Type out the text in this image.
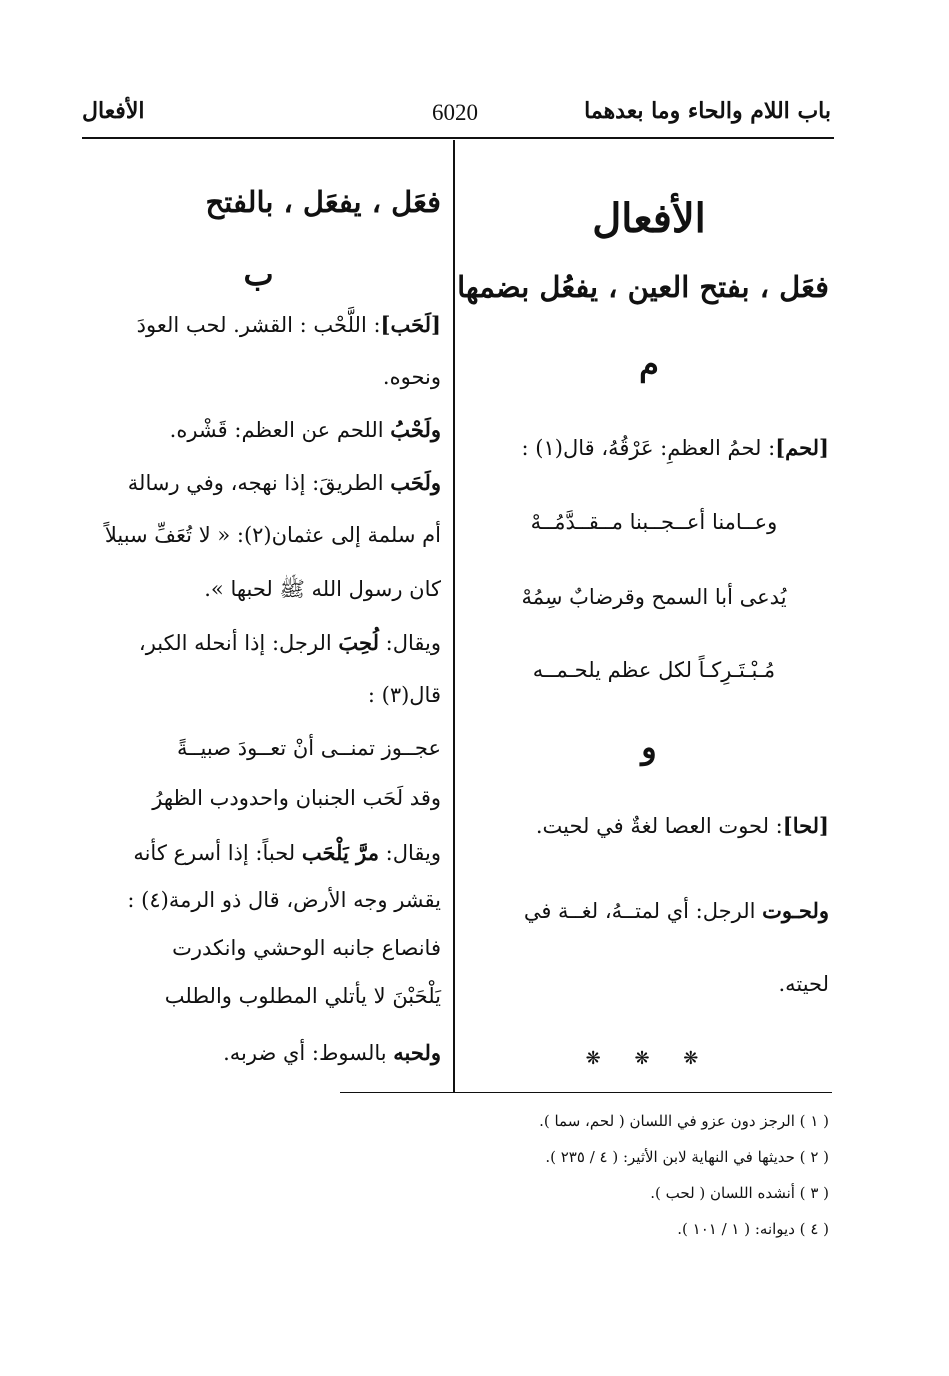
باب اللام والحاء وما بعدهما
6020
الأفعال
الأفعال
فعَل ، بفتح العين ، يفعُل بضمها
م
[لحم]: لحمُ العظمِ: عَرْقُهُ، قال(١) :
وعــامنا أعــجــبنا مــقــدَّمُــهْ
يُدعى أبا السمح وقرضابٌ سِمُهْ
مُـبْـتَـرِكـاً لكل عظم يلحـمــه
و
[لحا]: لحوت العصا لغةٌ في لحيت.
ولحـوت الرجل: أي لمتــهُ، لغــة في
لحيته.
❋ ❋ ❋
فعَل ، يفعَل ، بالفتح
ب
[لَحَب]: اللَّحْب : القشر. لحب العودَ
ونحوه.
ولَحْبُ اللحم عن العظم: قَشْره.
ولَحَب الطريقَ: إذا نهجه، وفي رسالة
أم سلمة إلى عثمان(٢): « لا تُعَفِّ سبيلاً
كان رسول الله ﷺ لحبها ».
ويقال: لُحِبَ الرجل: إذا أنحله الكبر،
قال(٣) :
عجــوز تمنــى أنْ تعــودَ صبيــةً
وقد لَحَب الجنبان واحدودب الظهرُ
ويقال: مرَّ يَلْحَب لحباً: إذا أسرع كأنه
يقشر وجه الأرض، قال ذو الرمة(٤) :
فانصاع جانبه الوحشي وانكدرت
يَلْحَبْنَ لا يأتلي المطلوب والطلب
ولحبه بالسوط: أي ضربه.
( ١ ) الرجز دون عزو في اللسان ( لحم، سما ).
( ٢ ) حديثها في النهاية لابن الأثير: ( ٤ / ٢٣٥ ).
( ٣ ) أنشده اللسان ( لحب ).
( ٤ ) ديوانه: ( ١ / ١٠١ ).
